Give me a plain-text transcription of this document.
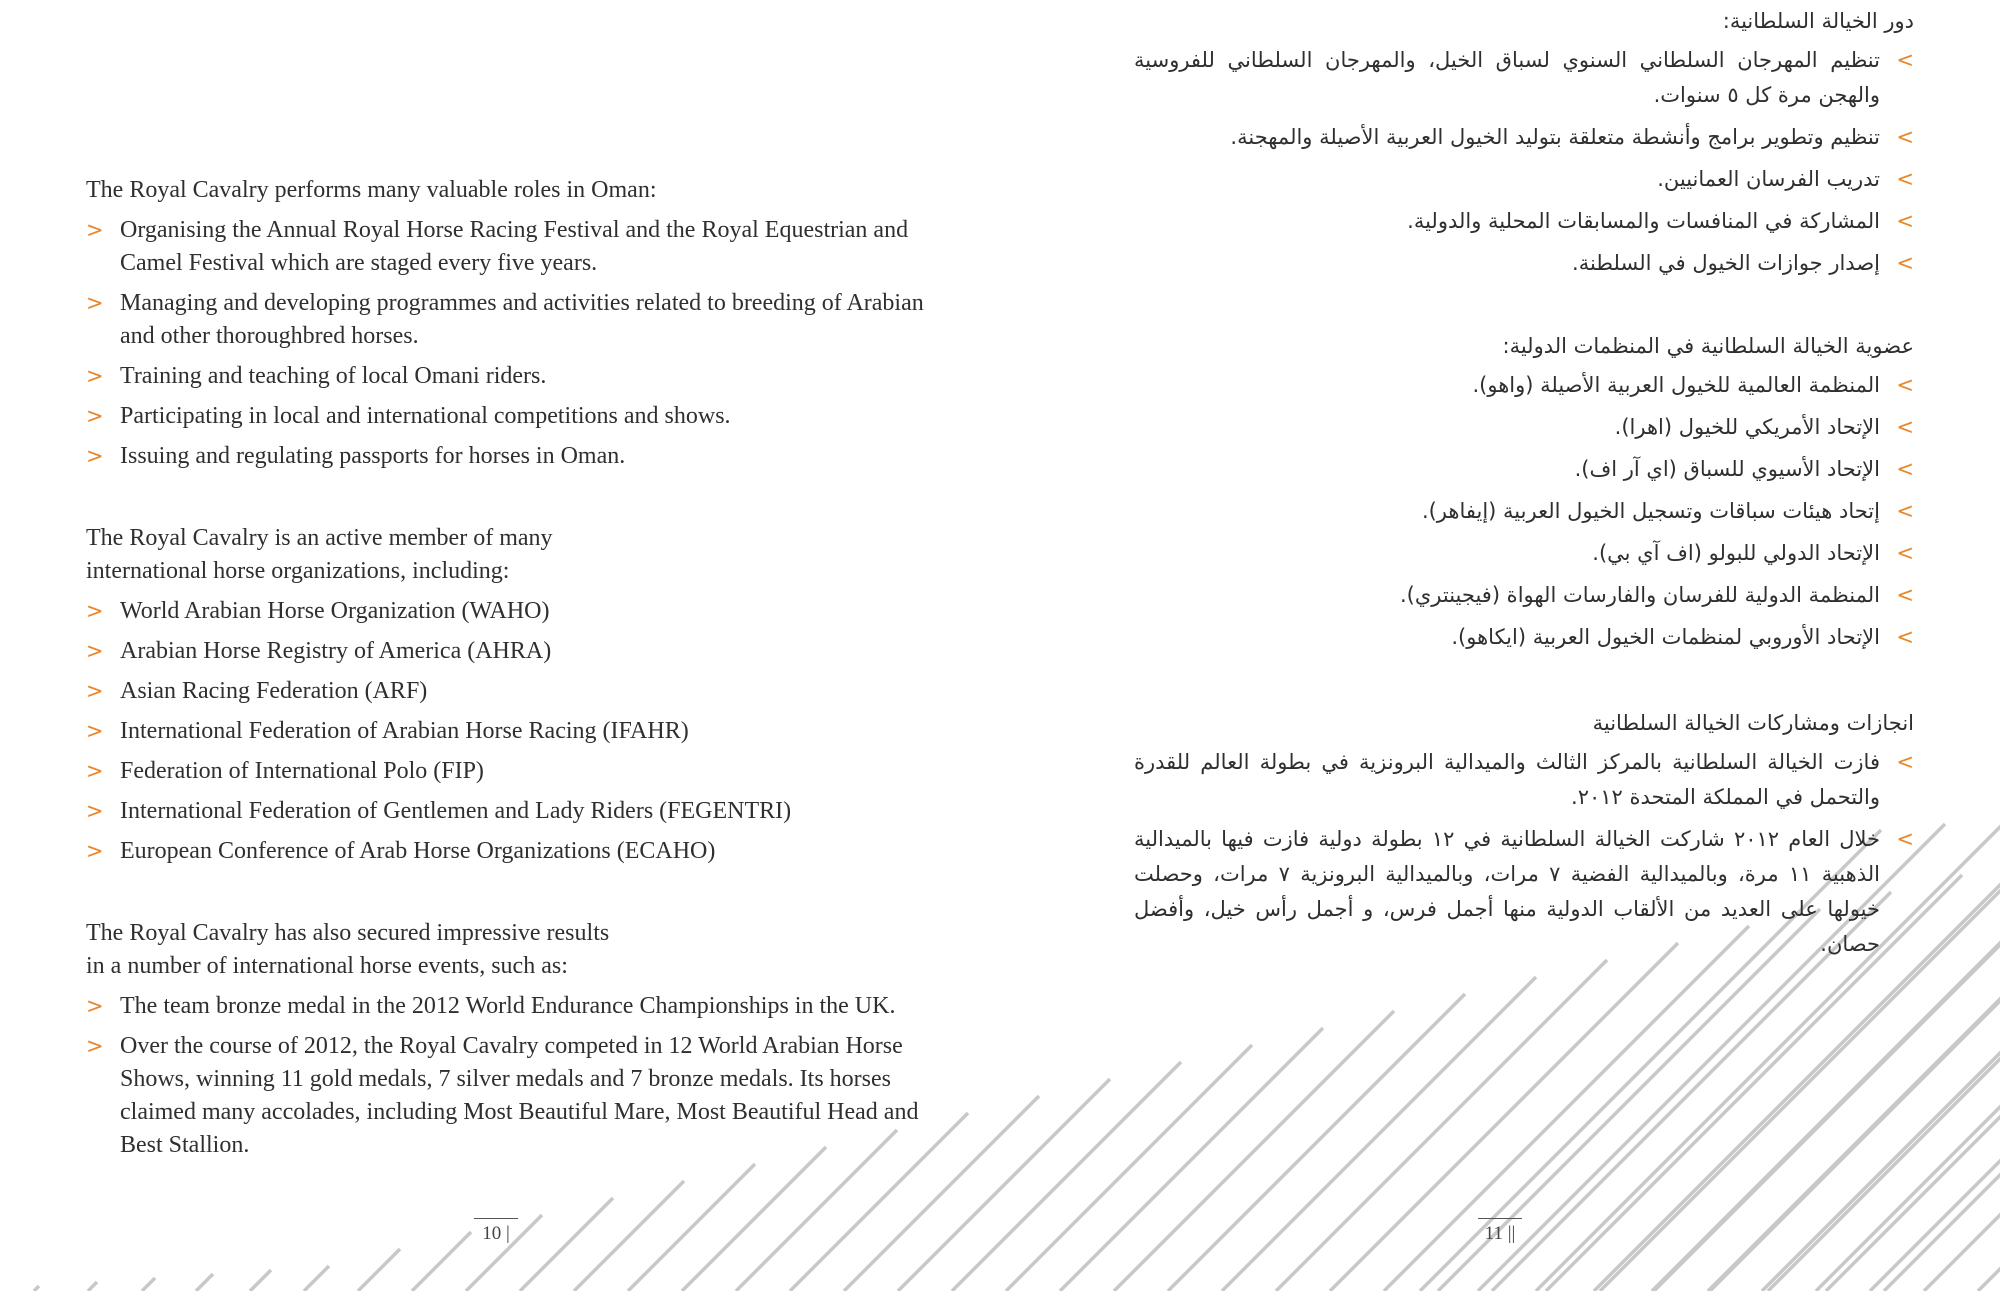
The Royal Cavalry performs many valuable roles in Oman:

> Organising the Annual Royal Horse Racing Festival and the Royal Equestrian and Camel Festival which are staged every five years.
> Managing and developing programmes and activities related to breeding of Arabian and other thoroughbred horses.
> Training and teaching of local Omani riders.
> Participating in local and international competitions and shows.
> Issuing and regulating passports for horses in Oman.

The Royal Cavalry is an active member of many
international horse organizations, including:

> World Arabian Horse Organization (WAHO)
> Arabian Horse Registry of America (AHRA)
> Asian Racing Federation (ARF)
> International Federation of Arabian Horse Racing (IFAHR)
> Federation of International Polo (FIP)
> International Federation of Gentlemen and Lady Riders (FEGENTRI)
> European Conference of Arab Horse Organizations (ECAHO)

The Royal Cavalry has also secured impressive results
in a number of international horse events, such as:

> The team bronze medal in the 2012 World Endurance Championships in the UK.
> Over the course of 2012, the Royal Cavalry competed in 12 World Arabian Horse Shows, winning 11 gold medals, 7 silver medals and 7 bronze medals. Its horses claimed many accolades, including Most Beautiful Mare, Most Beautiful Head and Best Stallion.

دور الخيالة السلطانية:

>
تنظيم المهرجان السلطاني السنوي لسباق الخيل، والمهرجان السلطاني للفروسية والهجن مرة كل ٥ سنوات.
>
تنظيم وتطوير برامج وأنشطة متعلقة بتوليد الخيول العربية الأصيلة والمهجنة.
>
تدريب الفرسان العمانيين.
>
المشاركة في المنافسات والمسابقات المحلية والدولية.
>
إصدار جوازات الخيول في السلطنة.

عضوية الخيالة السلطانية في المنظمات الدولية:

>
المنظمة العالمية للخيول العربية الأصيلة (واهو).
>
الإتحاد الأمريكي للخيول (اهرا).
>
الإتحاد الأسيوي للسباق (اي آر اف).
>
إتحاد هيئات سباقات وتسجيل الخيول العربية (إيفاهر).
>
الإتحاد الدولي للبولو (اف آي بي).
>
المنظمة الدولية للفرسان والفارسات الهواة (فيجينتري).
>
الإتحاد الأوروبي لمنظمات الخيول العربية (ايكاهو).

انجازات ومشاركات الخيالة السلطانية

>
فازت الخيالة السلطانية بالمركز الثالث والميدالية البرونزية في بطولة العالم للقدرة والتحمل في المملكة المتحدة ٢٠١٢.
>
خلال العام ٢٠١٢ شاركت الخيالة السلطانية في ١٢ بطولة دولية فازت فيها بالميدالية الذهبية ١١ مرة، وبالميدالية الفضية ٧ مرات، وبالميدالية البرونزية ٧ مرات، وحصلت خيولها على العديد من الألقاب الدولية منها أجمل فرس، و أجمل رأس خيل، وأفضل حصان.
10 |	11 ||
